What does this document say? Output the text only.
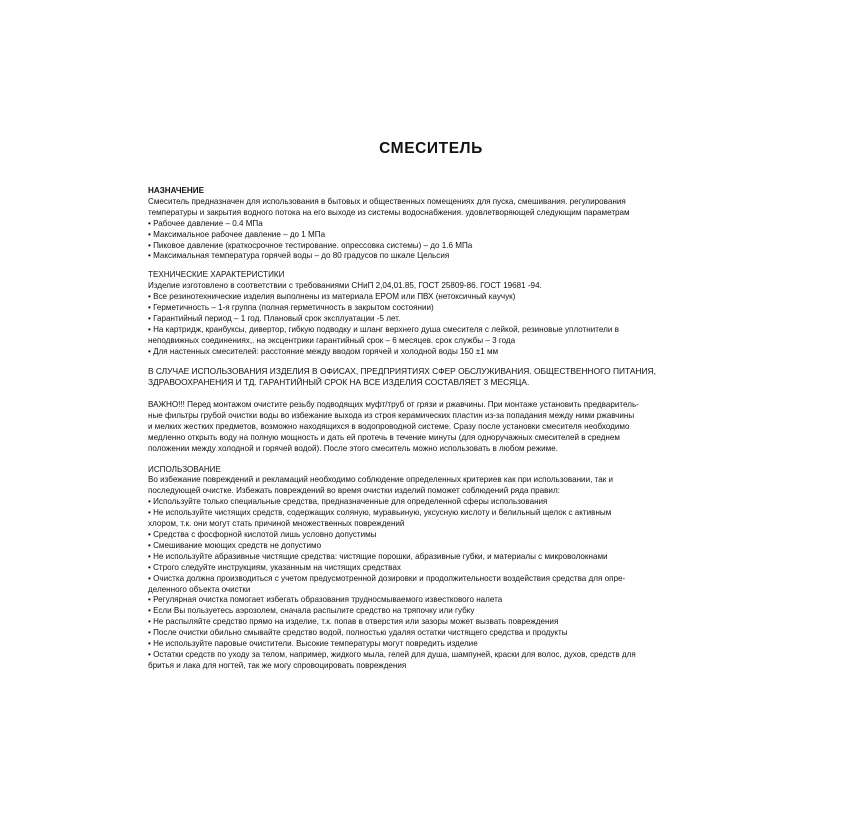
СМЕСИТЕЛЬ
НАЗНАЧЕНИЕ
Смеситель предназначен для использования в бытовых и общественных помещениях для пуска, смешивания. регулирования
температуры и закрытия водного потока на его выходе из системы водоснабжения. удовлетворяющей следующим параметрам
• Рабочее давление – 0.4 МПа
• Максимальное рабочее давление – до 1 МПа
• Пиковое давление (краткосрочное тестирование. опрессовка системы) – до 1.6 МПа
• Максимальная температура горячей воды – до 80 градусов по шкале Цельсия
ТЕХНИЧЕСКИЕ ХАРАКТЕРИСТИКИ
Изделие изготовлено в соответствии с требованиями СНиП 2,04,01.85, ГОСТ 25809-86. ГОСТ 19681 -94.
• Все резинотехнические изделия выполнены из материала EPOM или ПВХ (нетоксичный каучук)
• Герметичность – 1-я группа (полная герметичность в закрытом состоянии)
• Гарантийный период – 1 год. Плановый срок эксплуатации -5 лет.
• На картридж, кранбуксы, дивертор, гибкую подводку и шланг верхнего душа смесителя с лейкой, резиновые уплотнители в
неподвижных соединениях,. на эксцентрики гарантийный срок – 6 месяцев. срок службы – 3 года
• Для настенных смесителей: расстояние между вводом горячей и холодной воды 150 ±1 мм
В СЛУЧАЕ ИСПОЛЬЗОВАНИЯ ИЗДЕЛИЯ В ОФИСАХ, ПРЕДПРИЯТИЯХ СФЕР ОБСЛУЖИВАНИЯ. ОБЩЕСТВЕННОГО ПИТАНИЯ,
ЗДРАВООХРАНЕНИЯ И ТД. ГАРАНТИЙНЫЙ СРОК НА ВСЕ ИЗДЕЛИЯ СОСТАВЛЯЕТ 3 МЕСЯЦА.
ВАЖНО!!! Перед монтажом очистите резьбу подводящих муфт/труб от грязи и ржавчины. При монтаже установить предваритель-
ные фильтры грубой очистки воды во избежание выхода из строя керамических пластин из-за попадания между ними ржавчины
и мелких жестких предметов, возможно находящихся в водопроводной системе. Сразу после установки смесителя необходимо
медленно открыть воду на полную мощность и дать ей протечь в течение минуты (для одноручажных смесителей в среднем
положении между холодной и горячей водой). После этого смеситель можно использовать в любом режиме.
ИСПОЛЬЗОВАНИЕ
Во избежание повреждений и рекламаций необходимо соблюдение определенных критериев как при использовании, так и
последующей очистке. Избежать повреждений во время очистки изделий поможет соблюдений ряда правил:
• Используйте только специальные средства, предназначенные для определенной сферы использования
• Не используйте чистящих средств, содержащих соляную, муравьиную, уксусную кислоту и белильный щелок с активным
хлором, т.к. они могут стать причиной множественных повреждений
• Средства с фосфорной кислотой лишь условно допустимы
• Смешивание моющих средств не допустимо
• Не используйте абразивные чистящие средства: чистящие порошки, абразивные губки, и материалы с микроволокнами
• Строго следуйте инструкциям, указанным на чистящих средствах
• Очистка должна производиться с учетом предусмотренной дозировки и продолжительности воздействия средства для опре-
деленного объекта очистки
• Регулярная очистка помогает избегать образования трудносмываемого известкового налета
• Если Вы пользуетесь аэрозолем, сначала распылите средство на тряпочку или губку
• Не распыляйте средство прямо на изделие, т.к. попав в отверстия или зазоры может вызвать повреждения
• После очистки обильно смывайте средство водой, полностью удаляя остатки чистящего средства и продукты
• Не используйте паровые очистители. Высокие температуры могут повредить изделие
• Остатки средств по уходу за телом, например, жидкого мыла, гелей для душа, шампуней, краски для волос, духов, средств для
бритья и лака для ногтей, так же могу спровоцировать повреждения
